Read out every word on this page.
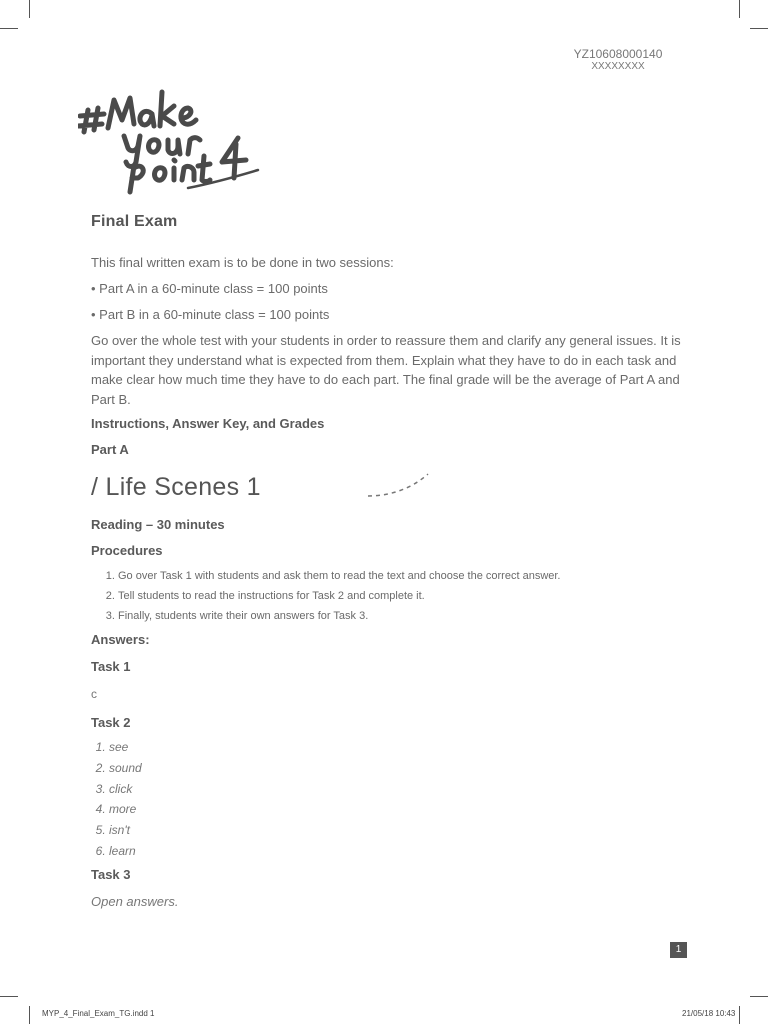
YZ10608000140
XXXXXXXX
Final Exam
This final written exam is to be done in two sessions:
• Part A in a 60-minute class = 100 points
• Part B in a 60-minute class = 100 points
Go over the whole test with your students in order to reassure them and clarify any general issues. It is important they understand what is expected from them. Explain what they have to do in each task and make clear how much time they have to do each part. The final grade will be the average of Part A and Part B.
Instructions, Answer Key, and Grades
Part A
/ Life Scenes 1
Reading – 30 minutes
Procedures
1. Go over Task 1 with students and ask them to read the text and choose the correct answer.
2. Tell students to read the instructions for Task 2 and complete it.
3. Finally, students write their own answers for Task 3.
Answers:
Task 1
c
Task 2
1. see
2. sound
3. click
4. more
5. isn't
6. learn
Task 3
Open answers.
1
MYP_4_Final_Exam_TG.indd 1	21/05/18 10:43
